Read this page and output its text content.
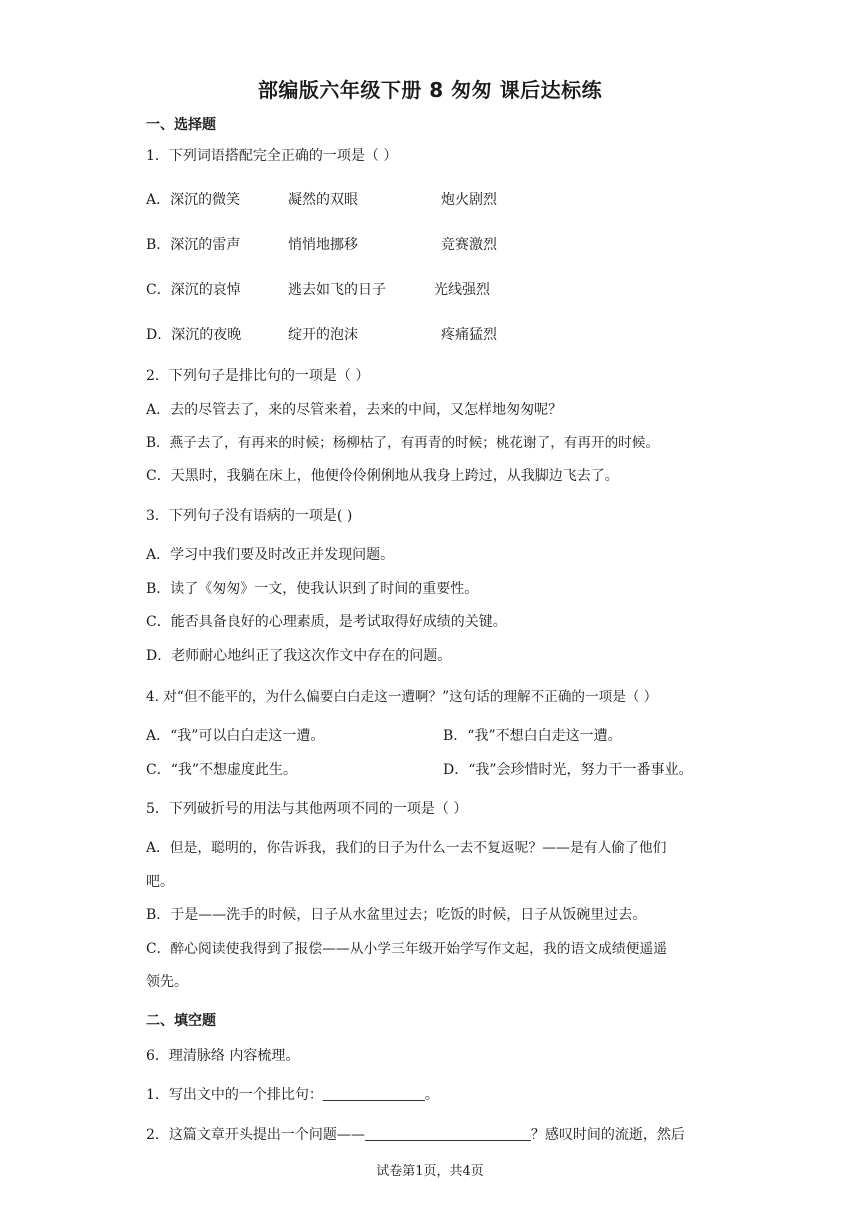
部编版六年级下册 8 匆匆 课后达标练
一、选择题
1．下列词语搭配完全正确的一项是（ ）
A．深沉的微笑	凝然的双眼	炮火剧烈
B．深沉的雷声	悄悄地挪移	竞赛激烈
C．深沉的哀悼	逃去如飞的日子	光线强烈
D．深沉的夜晚	绽开的泡沫	疼痛猛烈
2．下列句子是排比句的一项是（ ）
A．去的尽管去了，来的尽管来着，去来的中间，又怎样地匆匆呢？
B．燕子去了，有再来的时候；杨柳枯了，有再青的时候；桃花谢了，有再开的时候。
C．天黑时，我躺在床上，他便伶伶俐俐地从我身上跨过，从我脚边飞去了。
3．下列句子没有语病的一项是( )
A．学习中我们要及时改正并发现问题。
B．读了《匆匆》一文，使我认识到了时间的重要性。
C．能否具备良好的心理素质，是考试取得好成绩的关键。
D．老师耐心地纠正了我这次作文中存在的问题。
4. 对“但不能平的，为什么偏要白白走这一遭啊？”这句话的理解不正确的一项是（ ）
A．“我”可以白白走这一遭。	B．“我”不想白白走这一遭。
C．“我”不想虚度此生。	D．“我”会珍惜时光，努力干一番事业。
5．下列破折号的用法与其他两项不同的一项是（ ）
A．但是，聪明的，你告诉我，我们的日子为什么一去不复返呢？——是有人偷了他们
吧。
B．于是——洗手的时候，日子从水盆里过去；吃饭的时候，日子从饭碗里过去。
C．醉心阅读使我得到了报偿——从小学三年级开始学写作文起，我的语文成绩便遥遥
领先。
二、填空题
6．理清脉络 内容梳理。
1．写出文中的一个排比句：	。
2．这篇文章开头提出一个问题——	？感叹时间的流逝，然后
试卷第1页，共4页
